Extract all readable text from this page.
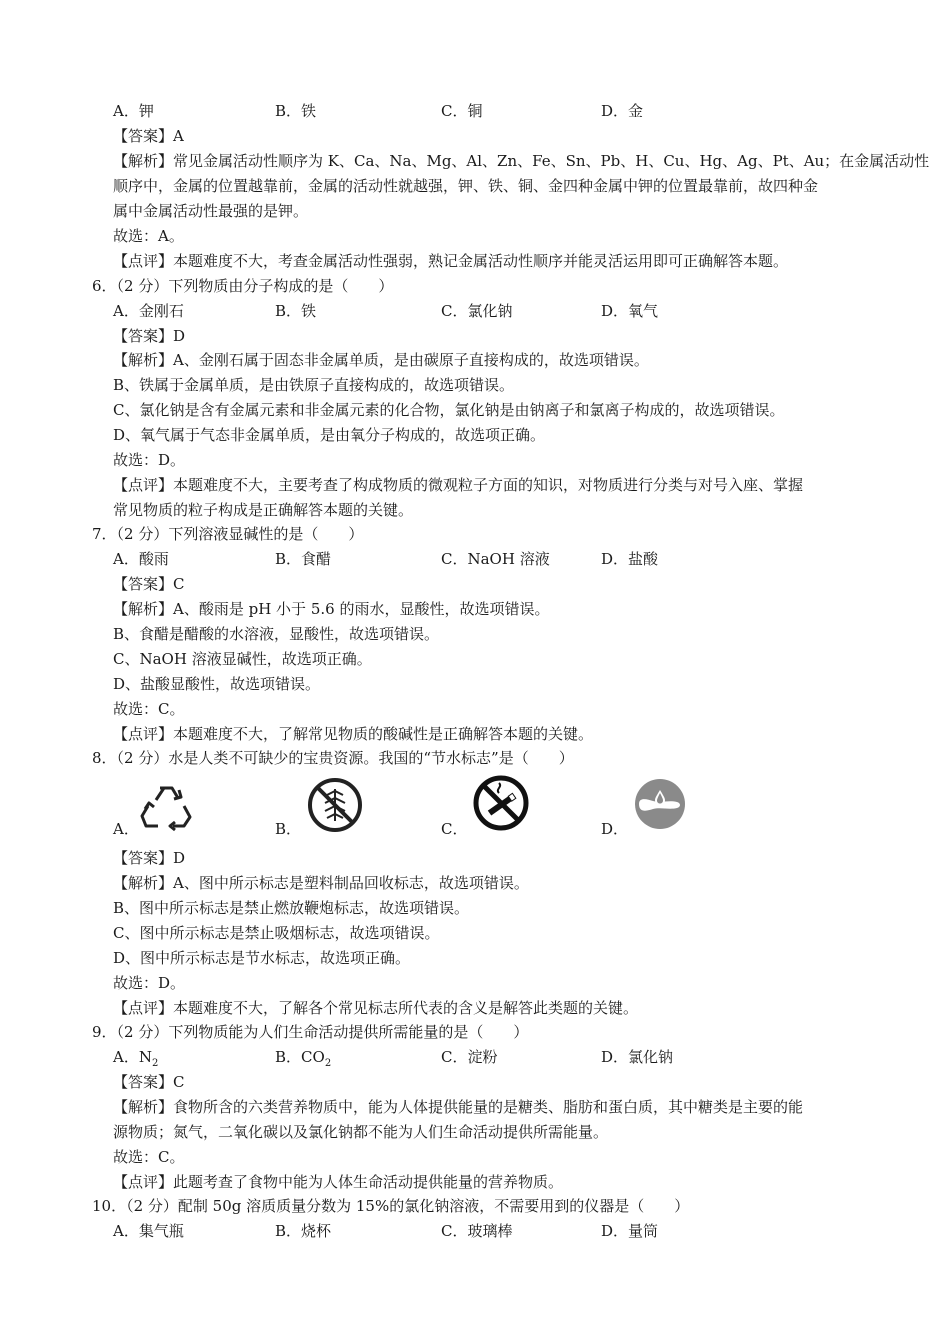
A．钾	B．铁	C．铜	D．金
【答案】A
【解析】常见金属活动性顺序为 K、Ca、Na、Mg、Al、Zn、Fe、Sn、Pb、H、Cu、Hg、Ag、Pt、Au；在金属活动性
顺序中，金属的位置越靠前，金属的活动性就越强，钾、铁、铜、金四种金属中钾的位置最靠前，故四种金
属中金属活动性最强的是钾。
故选：A。
【点评】本题难度不大，考查金属活动性强弱，熟记金属活动性顺序并能灵活运用即可正确解答本题。
6．（2 分）下列物质由分子构成的是（　　）
A．金刚石	B．铁	C．氯化钠	D．氧气
【答案】D
【解析】A、金刚石属于固态非金属单质，是由碳原子直接构成的，故选项错误。
B、铁属于金属单质，是由铁原子直接构成的，故选项错误。
C、氯化钠是含有金属元素和非金属元素的化合物，氯化钠是由钠离子和氯离子构成的，故选项错误。
D、氧气属于气态非金属单质，是由氧分子构成的，故选项正确。
故选：D。
【点评】本题难度不大，主要考查了构成物质的微观粒子方面的知识，对物质进行分类与对号入座、掌握
常见物质的粒子构成是正确解答本题的关键。
7．（2 分）下列溶液显碱性的是（　　）
A．酸雨	B．食醋	C．NaOH 溶液	D．盐酸
【答案】C
【解析】A、酸雨是 pH 小于 5.6 的雨水，显酸性，故选项错误。
B、食醋是醋酸的水溶液，显酸性，故选项错误。
C、NaOH 溶液显碱性，故选项正确。
D、盐酸显酸性，故选项错误。
故选：C。
【点评】本题难度不大，了解常见物质的酸碱性是正确解答本题的关键。
8．（2 分）水是人类不可缺少的宝贵资源。我国的“节水标志”是（　　）
A．	B．	C．	D．
【答案】D
【解析】A、图中所示标志是塑料制品回收标志，故选项错误。
B、图中所示标志是禁止燃放鞭炮标志，故选项错误。
C、图中所示标志是禁止吸烟标志，故选项错误。
D、图中所示标志是节水标志，故选项正确。
故选：D。
【点评】本题难度不大，了解各个常见标志所代表的含义是解答此类题的关键。
9．（2 分）下列物质能为人们生命活动提供所需能量的是（　　）
A．$N_2$	B．$CO_2$	C．淀粉	D．氯化钠
【答案】C
【解析】食物所含的六类营养物质中，能为人体提供能量的是糖类、脂肪和蛋白质，其中糖类是主要的能
源物质；氮气，二氧化碳以及氯化钠都不能为人们生命活动提供所需能量。
故选：C。
【点评】此题考查了食物中能为人体生命活动提供能量的营养物质。
10．（2 分）配制 50g 溶质质量分数为 15%的氯化钠溶液，不需要用到的仪器是（　　）
A．集气瓶	B．烧杯	C．玻璃棒	D．量筒
